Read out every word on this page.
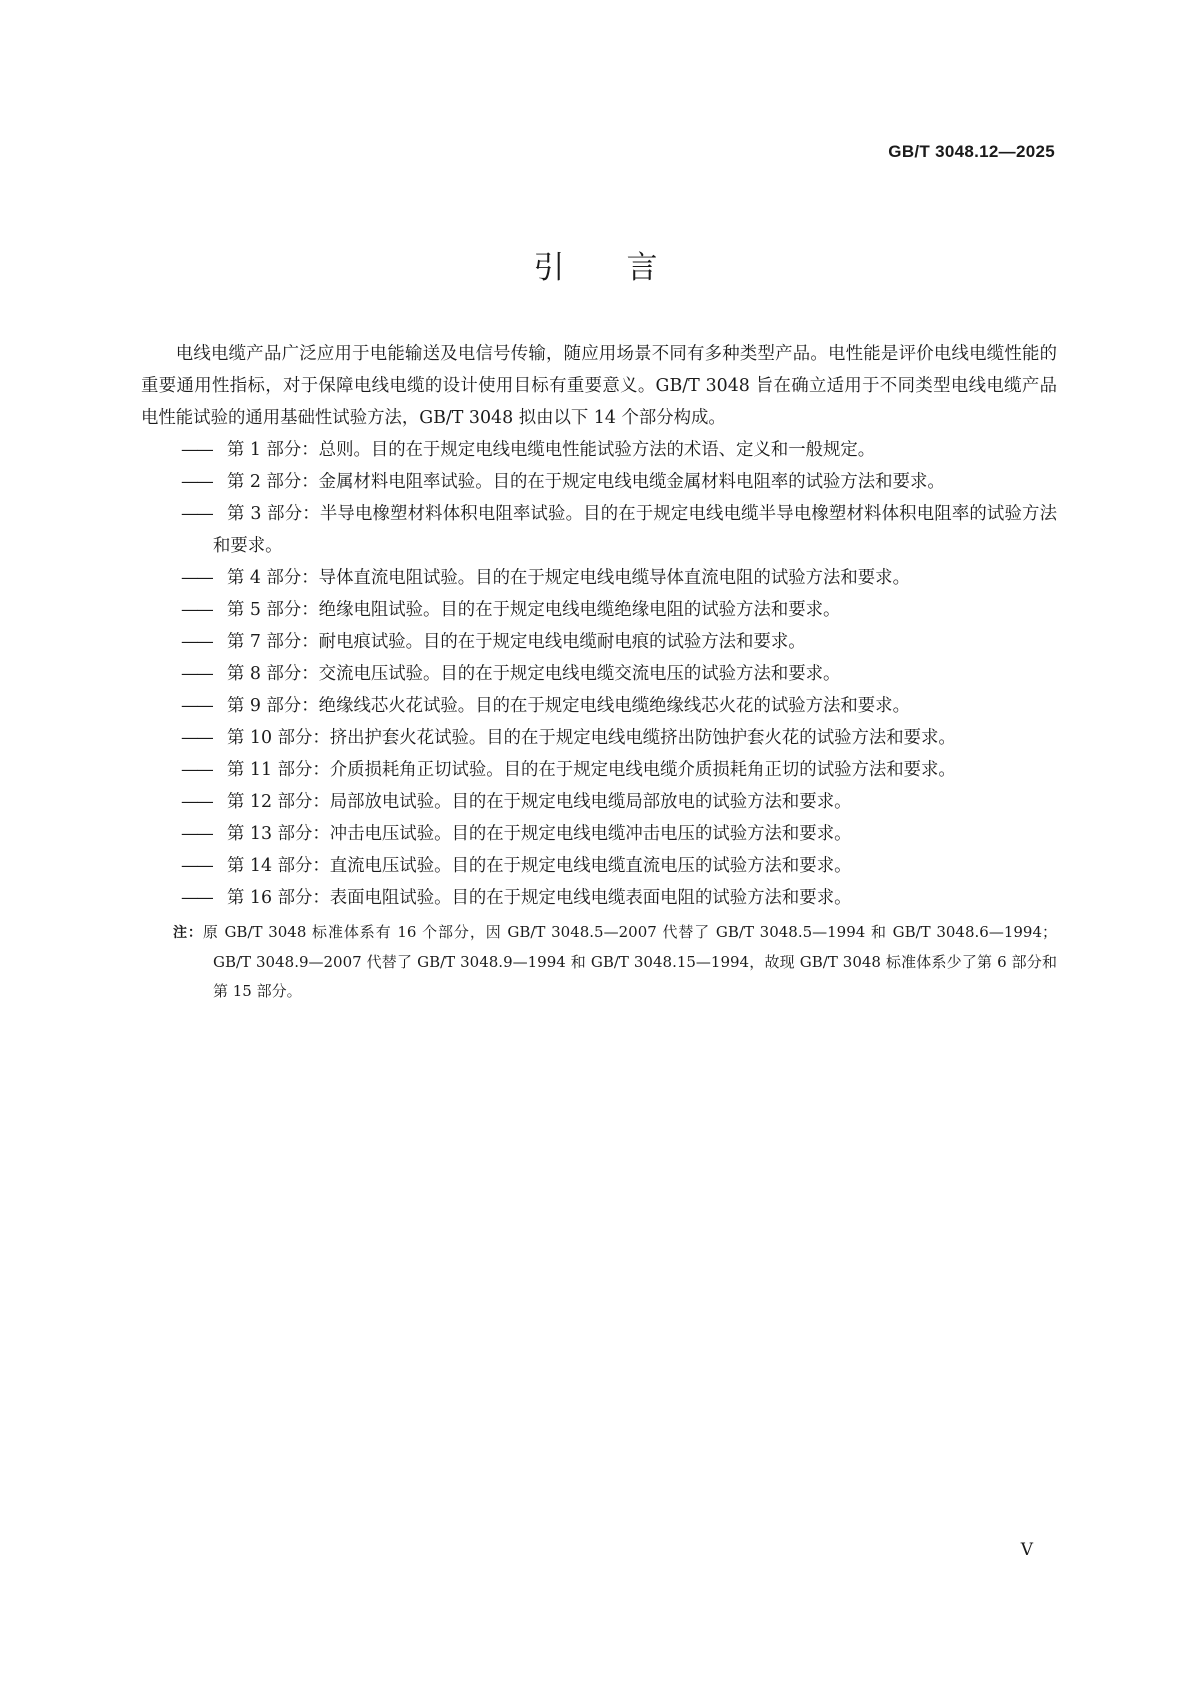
GB/T 3048.12—2025
引言

电线电缆产品广泛应用于电能输送及电信号传输，随应用场景不同有多种类型产品。电性能是评价电线电缆性能的重要通用性指标，对于保障电线电缆的设计使用目标有重要意义。GB/T 3048 旨在确立适用于不同类型电线电缆产品电性能试验的通用基础性试验方法，GB/T 3048 拟由以下 14 个部分构成。

—— 第 1 部分：总则。目的在于规定电线电缆电性能试验方法的术语、定义和一般规定。
—— 第 2 部分：金属材料电阻率试验。目的在于规定电线电缆金属材料电阻率的试验方法和要求。
—— 第 3 部分：半导电橡塑材料体积电阻率试验。目的在于规定电线电缆半导电橡塑材料体积电阻率的试验方法和要求。
—— 第 4 部分：导体直流电阻试验。目的在于规定电线电缆导体直流电阻的试验方法和要求。
—— 第 5 部分：绝缘电阻试验。目的在于规定电线电缆绝缘电阻的试验方法和要求。
—— 第 7 部分：耐电痕试验。目的在于规定电线电缆耐电痕的试验方法和要求。
—— 第 8 部分：交流电压试验。目的在于规定电线电缆交流电压的试验方法和要求。
—— 第 9 部分：绝缘线芯火花试验。目的在于规定电线电缆绝缘线芯火花的试验方法和要求。
—— 第 10 部分：挤出护套火花试验。目的在于规定电线电缆挤出防蚀护套火花的试验方法和要求。
—— 第 11 部分：介质损耗角正切试验。目的在于规定电线电缆介质损耗角正切的试验方法和要求。
—— 第 12 部分：局部放电试验。目的在于规定电线电缆局部放电的试验方法和要求。
—— 第 13 部分：冲击电压试验。目的在于规定电线电缆冲击电压的试验方法和要求。
—— 第 14 部分：直流电压试验。目的在于规定电线电缆直流电压的试验方法和要求。
—— 第 16 部分：表面电阻试验。目的在于规定电线电缆表面电阻的试验方法和要求。
注：原 GB/T 3048 标准体系有 16 个部分，因 GB/T 3048.5—2007 代替了 GB/T 3048.5—1994 和 GB/T 3048.6—1994；GB/T 3048.9—2007 代替了 GB/T 3048.9—1994 和 GB/T 3048.15—1994，故现 GB/T 3048 标准体系少了第 6 部分和第 15 部分。
V
